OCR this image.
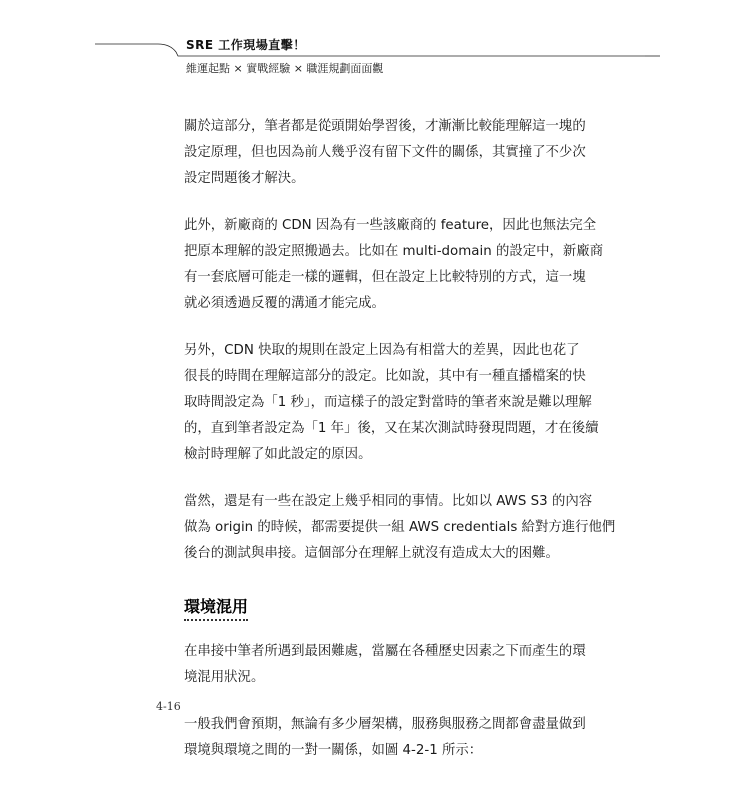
SRE 工作現場直擊！
維運起點 × 實戰經驗 × 職涯規劃面面觀

關於這部分，筆者都是從頭開始學習後，才漸漸比較能理解這一塊的
設定原理，但也因為前人幾乎沒有留下文件的關係，其實撞了不少次
設定問題後才解決。

此外，新廠商的 CDN 因為有一些該廠商的 feature，因此也無法完全
把原本理解的設定照搬過去。比如在 multi-domain 的設定中，新廠商
有一套底層可能走一樣的邏輯，但在設定上比較特別的方式，這一塊
就必須透過反覆的溝通才能完成。

另外，CDN 快取的規則在設定上因為有相當大的差異，因此也花了
很長的時間在理解這部分的設定。比如說，其中有一種直播檔案的快
取時間設定為「1 秒」，而這樣子的設定對當時的筆者來說是難以理解
的，直到筆者設定為「1 年」後，又在某次測試時發現問題，才在後續
檢討時理解了如此設定的原因。

當然，還是有一些在設定上幾乎相同的事情。比如以 AWS S3 的內容
做為 origin 的時候，都需要提供一組 AWS credentials 給對方進行他們
後台的測試與串接。這個部分在理解上就沒有造成太大的困難。

環境混用

在串接中筆者所遇到最困難處，當屬在各種歷史因素之下而產生的環
境混用狀況。

一般我們會預期，無論有多少層架構，服務與服務之間都會盡量做到
環境與環境之間的一對一關係，如圖 4-2-1 所示：

4-16
